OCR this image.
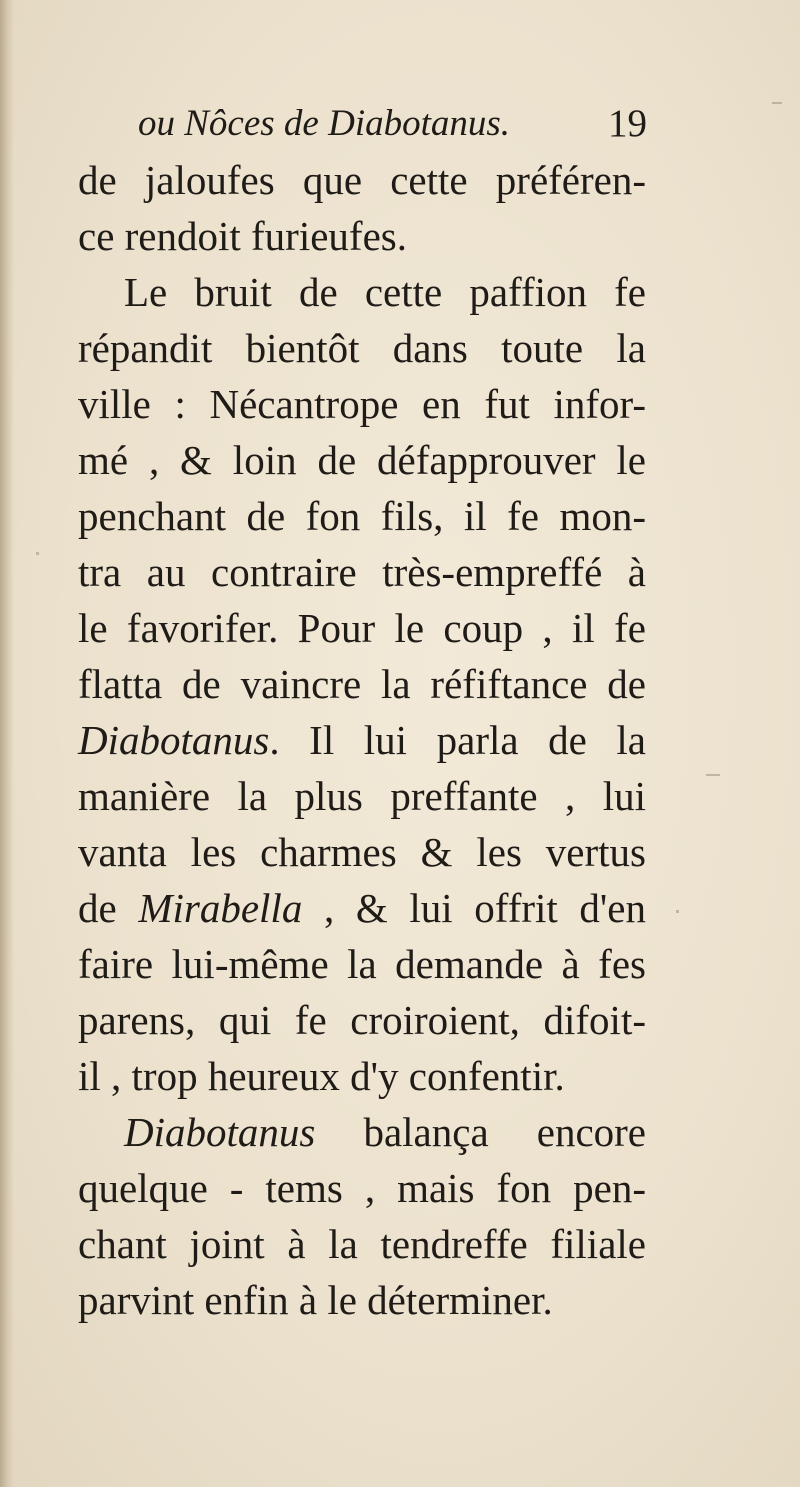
ou Nôces de Diabotanus.	19
de jaloufes que cette préféren-
ce rendoit furieufes.
Le bruit de cette paffion fe
répandit bientôt dans toute la
ville : Nécantrope en fut infor-
mé , & loin de défapprouver le
penchant de fon fils, il fe mon-
tra au contraire très-empreffé à
le favorifer. Pour le coup , il fe
flatta de vaincre la réfiftance de
Diabotanus. Il lui parla de la
manière la plus preffante , lui
vanta les charmes & les vertus
de Mirabella , & lui offrit d'en
faire lui-même la demande à fes
parens, qui fe croiroient, difoit-
il , trop heureux d'y confentir.
Diabotanus balança encore
quelque - tems , mais fon pen-
chant joint à la tendreffe filiale
parvint enfin à le déterminer.
